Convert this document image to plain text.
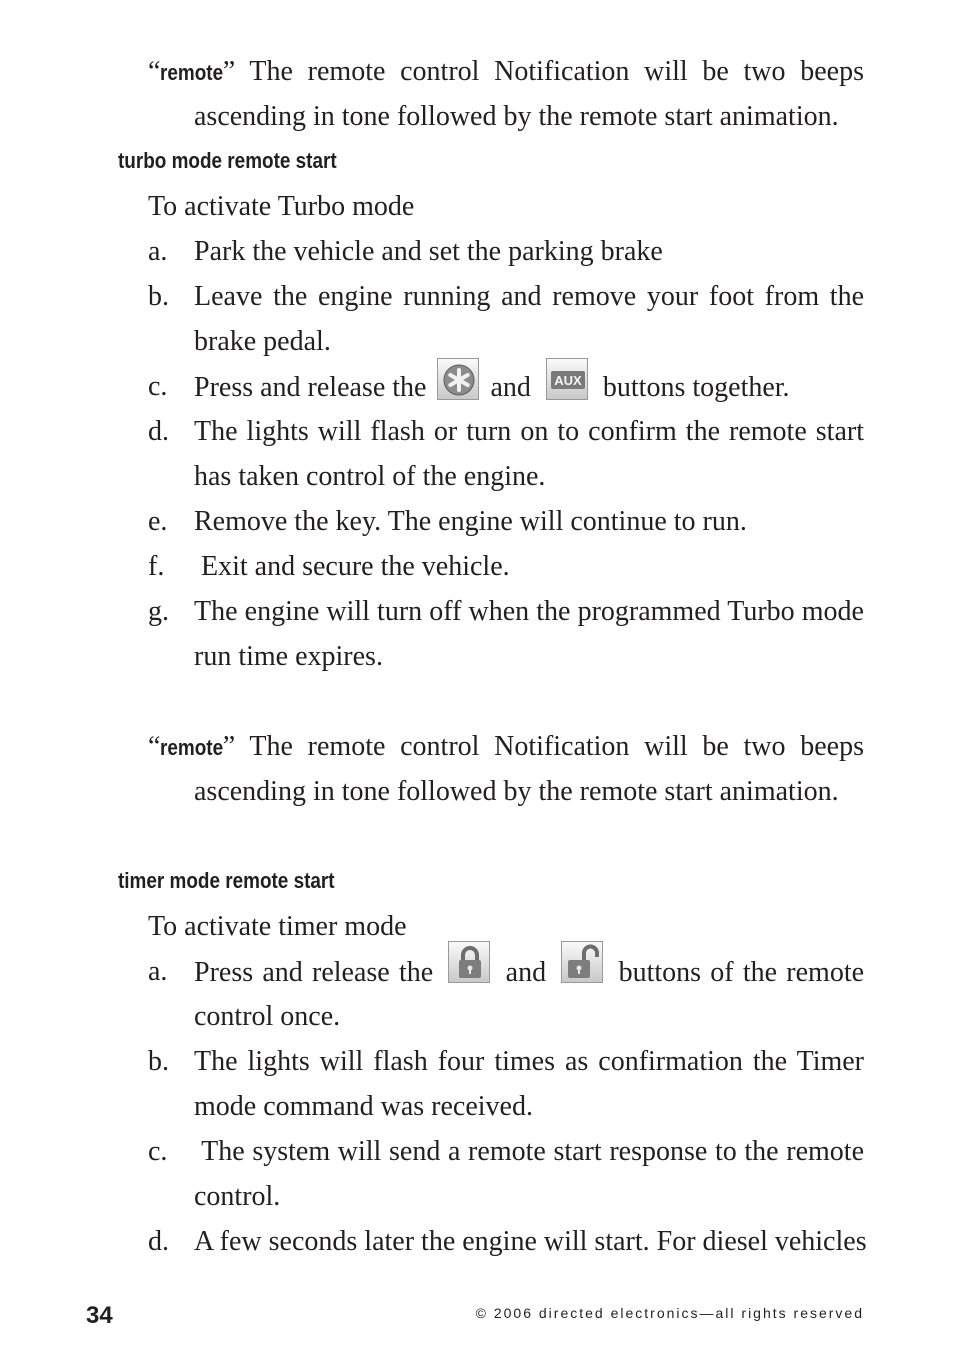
“remote” The remote control Notification will be two beeps
ascending in tone followed by the remote start animation.
turbo mode remote start
To activate Turbo mode
a. Park the vehicle and set the parking brake
b. Leave the engine running and remove your foot from the
brake pedal.
c. Press and release the and AUX buttons together.
d. The lights will flash or turn on to confirm the remote start
has taken control of the engine.
e. Remove the key. The engine will continue to run.
f. Exit and secure the vehicle.
g. The engine will turn off when the programmed Turbo mode
run time expires.
“remote” The remote control Notification will be two beeps
ascending in tone followed by the remote start animation.
timer mode remote start
To activate timer mode
a. Press and release the	and	buttons of the remote
control once.
b. The lights will flash four times as confirmation the Timer
mode command was received.
c. The system will send a remote start response to the remote
control.
d. A few seconds later the engine will start. For diesel vehicles
34	© 2006 directed electronics—all rights reserved
